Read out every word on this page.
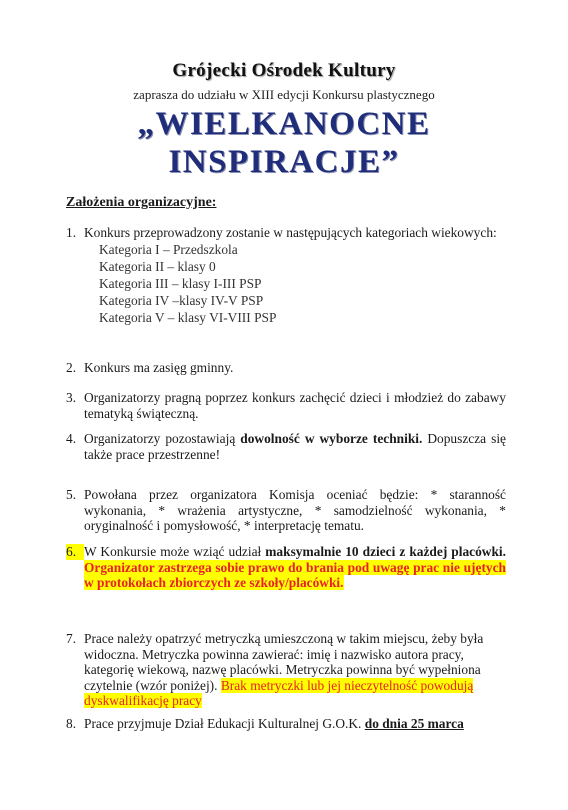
Grójecki Ośrodek Kultury
zaprasza do udziału w XIII edycji Konkursu plastycznego
„WIELKANOCNE
INSPIRACJE”
Założenia organizacyjne:
1. Konkurs przeprowadzony zostanie w następujących kategoriach wiekowych:
Kategoria I – Przedszkola
Kategoria II – klasy 0
Kategoria III – klasy I-III PSP
Kategoria IV –klasy IV-V PSP
Kategoria V – klasy VI-VIII PSP
2. Konkurs ma zasięg gminny.
3. Organizatorzy pragną poprzez konkurs zachęcić dzieci i młodzież do zabawy tematyką świąteczną.
4. Organizatorzy pozostawiają dowolność w wyborze techniki. Dopuszcza się także prace przestrzenne!
5. Powołana przez organizatora Komisja oceniać będzie: * staranność wykonania, * wrażenia artystyczne, * samodzielność wykonania, * oryginalność i pomysłowość, * interpretację tematu.
6. W Konkursie może wziąć udział maksymalnie 10 dzieci z każdej placówki. Organizator zastrzega sobie prawo do brania pod uwagę prac nie ujętych w protokołach zbiorczych ze szkoły/placówki.
7. Prace należy opatrzyć metryczką umieszczoną w takim miejscu, żeby była widoczna. Metryczka powinna zawierać: imię i nazwisko autora pracy, kategorię wiekową, nazwę placówki. Metryczka powinna być wypełniona czytelnie (wzór poniżej). Brak metryczki lub jej nieczytelność powodują dyskwalifikację pracy
8. Prace przyjmuje Dział Edukacji Kulturalnej G.O.K. do dnia 25 marca
